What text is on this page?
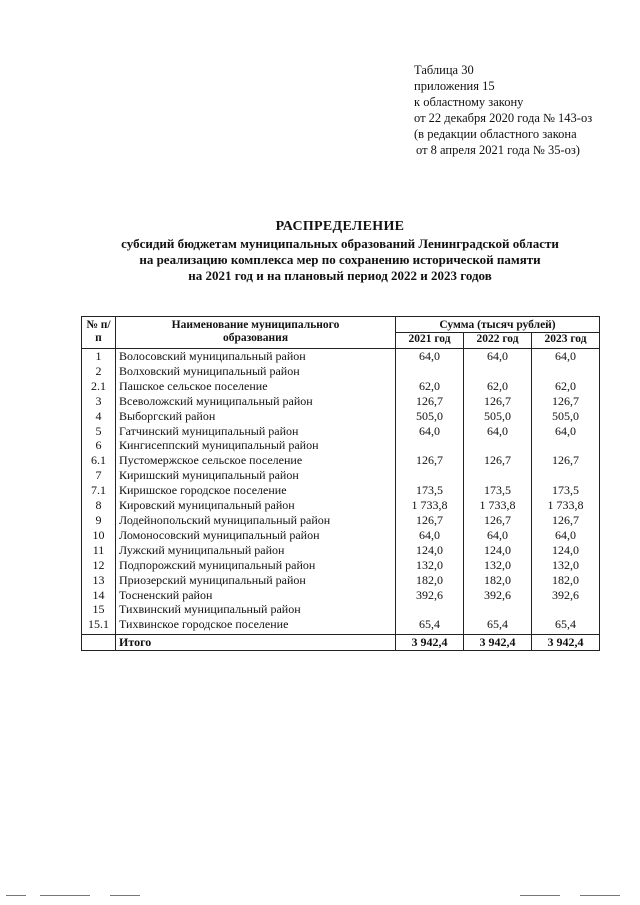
Таблица 30
приложения 15
к областному закону
от 22 декабря 2020 года № 143-оз
(в редакции областного закона
от 8 апреля 2021 года № 35-оз)
РАСПРЕДЕЛЕНИЕ
субсидий бюджетам муниципальных образований Ленинградской области
на реализацию комплекса мер по сохранению исторической памяти
на 2021 год и на плановый период 2022 и 2023 годов
№ п/п	Наименование муниципального образования	Сумма (тысяч рублей)		
		2021 год	2022 год	2023 год
1	Волосовский муниципальный район	64,0	64,0	64,0
2	Волховский муниципальный район			
2.1	Пашское сельское поселение	62,0	62,0	62,0
3	Всеволожский муниципальный район	126,7	126,7	126,7
4	Выборгский район	505,0	505,0	505,0
5	Гатчинский муниципальный район	64,0	64,0	64,0
6	Кингисеппский муниципальный район			
6.1	Пустомержское сельское поселение	126,7	126,7	126,7
7	Киришский муниципальный район			
7.1	Киришское городское поселение	173,5	173,5	173,5
8	Кировский муниципальный район	1 733,8	1 733,8	1 733,8
9	Лодейнопольский муниципальный район	126,7	126,7	126,7
10	Ломоносовский муниципальный район	64,0	64,0	64,0
11	Лужский муниципальный район	124,0	124,0	124,0
12	Подпорожский муниципальный район	132,0	132,0	132,0
13	Приозерский муниципальный район	182,0	182,0	182,0
14	Тосненский район	392,6	392,6	392,6
15	Тихвинский муниципальный район			
15.1	Тихвинское городское поселение	65,4	65,4	65,4
	Итого	3 942,4	3 942,4	3 942,4
